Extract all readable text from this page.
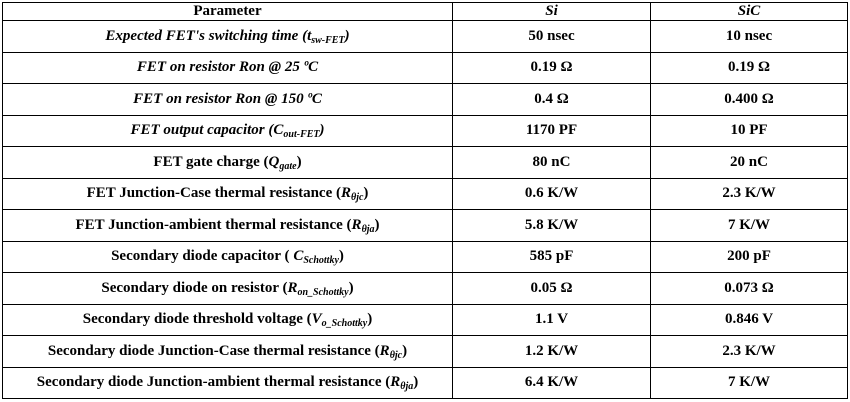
Parameter	Si	SiC
Expected FET's switching time $(t_{sw-FET})$	50 nsec	10 nsec
FET on resistor Ron @ 25 ºC	0.19 Ω	0.19 Ω
FET on resistor Ron @ 150 ºC	0.4 Ω	0.400 Ω
FET output capacitor $(C_{out-FET})$	1170 PF	10 PF
FET gate charge $(Q_{gate})$	80 nC	20 nC
FET Junction-Case thermal resistance $(R_{\theta jc})$	0.6 K/W	2.3 K/W
FET Junction-ambient thermal resistance $(R_{\theta ja})$	5.8 K/W	7 K/W
Secondary diode capacitor ( $C_{Schottky}$)	585 pF	200 pF
Secondary diode on resistor $(R_{on\_Schottky})$	0.05 Ω	0.073 Ω
Secondary diode threshold voltage $(V_{o\_Schottky})$	1.1 V	0.846 V
Secondary diode Junction-Case thermal resistance $(R_{\theta jc})$	1.2 K/W	2.3 K/W
Secondary diode Junction-ambient thermal resistance $(R_{\theta ja})$	6.4 K/W	7 K/W
